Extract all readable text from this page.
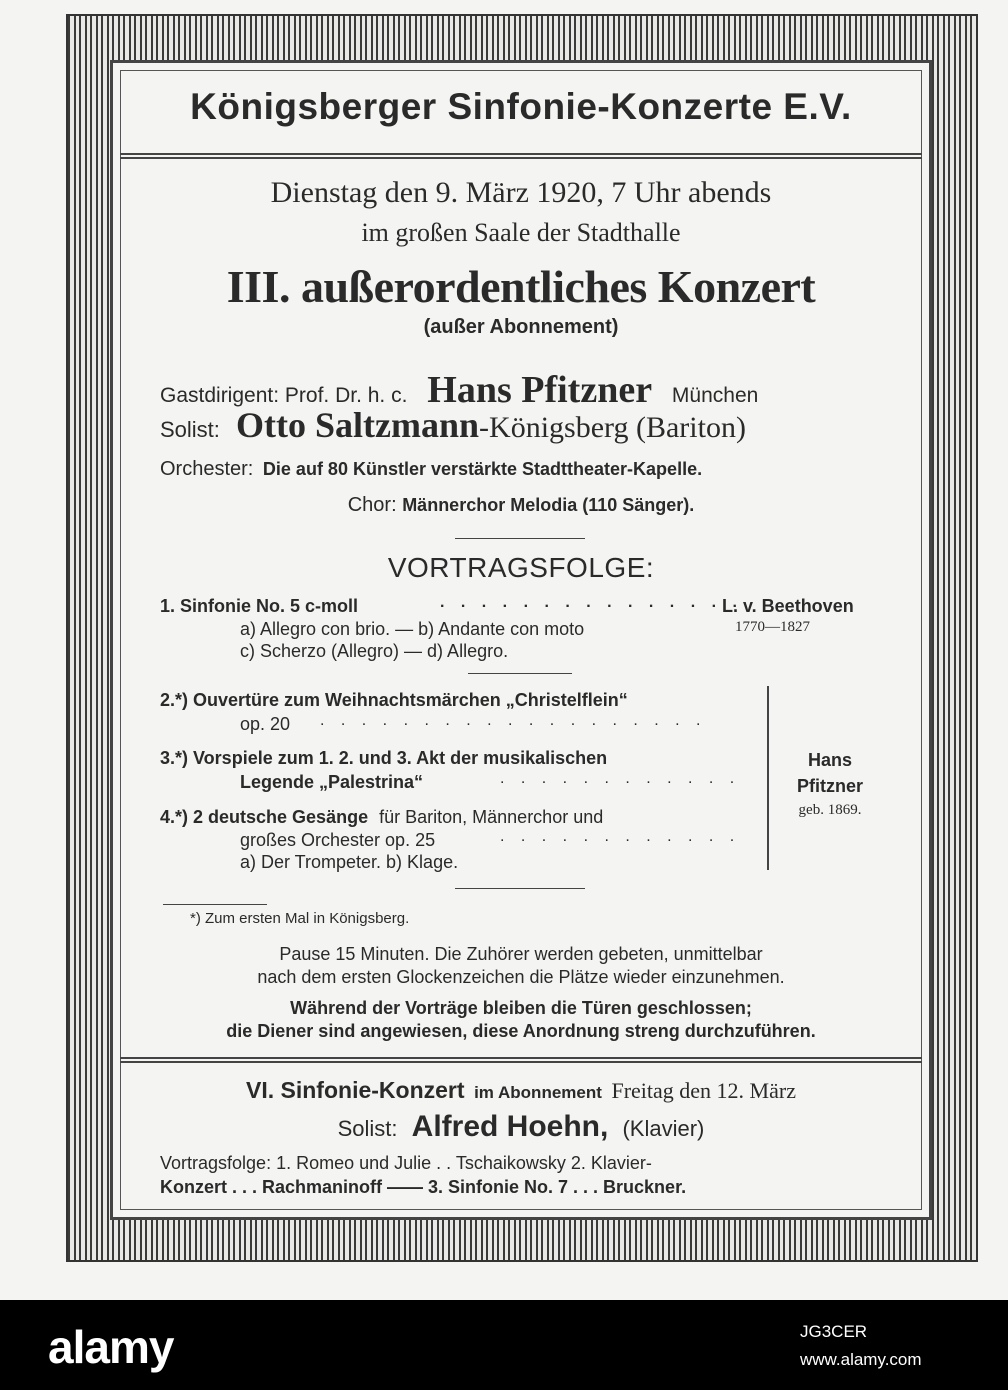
Königsberger Sinfonie-Konzerte E.V.
Dienstag den 9. März 1920, 7 Uhr abends
im großen Saale der Stadthalle
III. außerordentliches Konzert
(außer Abonnement)
Gastdirigent: Prof. Dr. h. c. Hans Pfitzner München
Solist: Otto Saltzmann-Königsberg (Bariton)
Orchester: Die auf 80 Künstler verstärkte Stadttheater-Kapelle.
Chor: Männerchor Melodia (110 Sänger).
VORTRAGSFOLGE:
1. Sinfonie No. 5 c-moll	. . . . . . . . . . . . . . .
L. v. Beethoven
1770—1827
a) Allegro con brio. — b) Andante con moto
c) Scherzo (Allegro) — d) Allegro.
2.*) Ouvertüre zum Weihnachtsmärchen „Christelflein“
op. 20 . . . . . . . . . . . . . . . . . . .
3.*) Vorspiele zum 1. 2. und 3. Akt der musikalischen
Legende „Palestrina“	. . . . . . . . . . . .
4.*) 2 deutsche Gesänge für Bariton, Männerchor und
großes Orchester op. 25	. . . . . . . . . . . .
a) Der Trompeter. b) Klage.
Hans
Pfitzner
geb. 1869.
*) Zum ersten Mal in Königsberg.
Pause 15 Minuten. Die Zuhörer werden gebeten, unmittelbar
nach dem ersten Glockenzeichen die Plätze wieder einzunehmen.
Während der Vorträge bleiben die Türen geschlossen;
die Diener sind angewiesen, diese Anordnung streng durchzuführen.
VI. Sinfonie-Konzert im Abonnement Freitag den 12. März
Solist: Alfred Hoehn, (Klavier)
Vortragsfolge: 1. Romeo und Julie . . Tschaikowsky 2. Klavier-
Konzert . . . Rachmaninoff —— 3. Sinfonie No. 7 . . . Bruckner.
alamy	JG3CER
www.alamy.com
